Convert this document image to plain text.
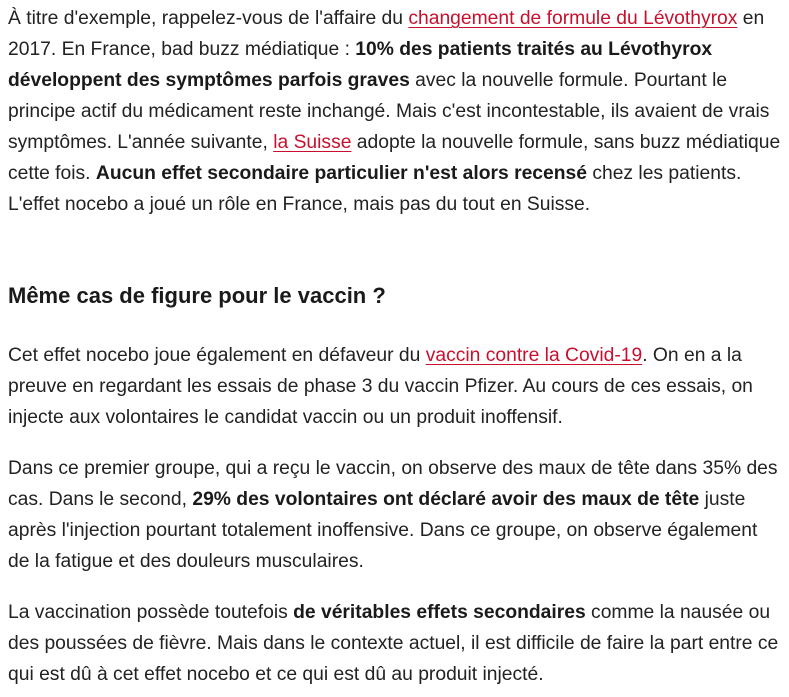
À titre d'exemple, rappelez-vous de l'affaire du changement de formule du Lévothyrox en 2017. En France, bad buzz médiatique : 10% des patients traités au Lévothyrox développent des symptômes parfois graves avec la nouvelle formule. Pourtant le principe actif du médicament reste inchangé. Mais c'est incontestable, ils avaient de vrais symptômes. L'année suivante, la Suisse adopte la nouvelle formule, sans buzz médiatique cette fois. Aucun effet secondaire particulier n'est alors recensé chez les patients. L'effet nocebo a joué un rôle en France, mais pas du tout en Suisse.

Même cas de figure pour le vaccin ?

Cet effet nocebo joue également en défaveur du vaccin contre la Covid-19. On en a la preuve en regardant les essais de phase 3 du vaccin Pfizer. Au cours de ces essais, on injecte aux volontaires le candidat vaccin ou un produit inoffensif.

Dans ce premier groupe, qui a reçu le vaccin, on observe des maux de tête dans 35% des cas. Dans le second, 29% des volontaires ont déclaré avoir des maux de tête juste après l'injection pourtant totalement inoffensive. Dans ce groupe, on observe également de la fatigue et des douleurs musculaires.

La vaccination possède toutefois de véritables effets secondaires comme la nausée ou des poussées de fièvre. Mais dans le contexte actuel, il est difficile de faire la part entre ce qui est dû à cet effet nocebo et ce qui est dû au produit injecté.
